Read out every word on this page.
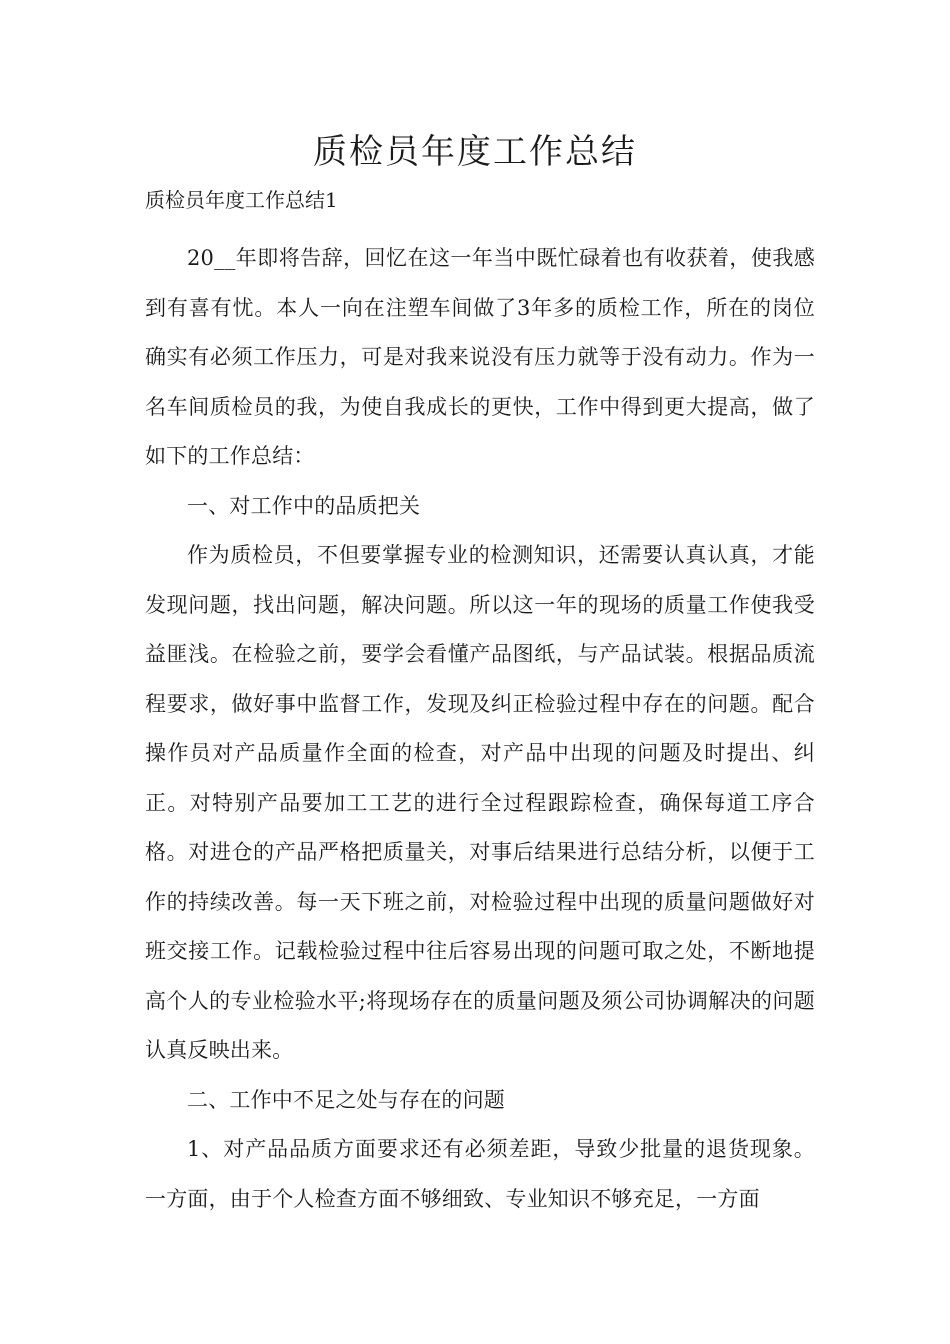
质检员年度工作总结

质检员年度工作总结1

20__年即将告辞，回忆在这一年当中既忙碌着也有收获着，使我感到有喜有忧。本人一向在注塑车间做了3年多的质检工作，所在的岗位确实有必须工作压力，可是对我来说没有压力就等于没有动力。作为一名车间质检员的我，为使自我成长的更快，工作中得到更大提高，做了如下的工作总结：

一、对工作中的品质把关

作为质检员，不但要掌握专业的检测知识，还需要认真认真，才能发现问题，找出问题，解决问题。所以这一年的现场的质量工作使我受益匪浅。在检验之前，要学会看懂产品图纸，与产品试装。根据品质流程要求，做好事中监督工作，发现及纠正检验过程中存在的问题。配合操作员对产品质量作全面的检查，对产品中出现的问题及时提出、纠正。对特别产品要加工工艺的进行全过程跟踪检查，确保每道工序合格。对进仓的产品严格把质量关，对事后结果进行总结分析，以便于工作的持续改善。每一天下班之前，对检验过程中出现的质量问题做好对班交接工作。记载检验过程中往后容易出现的问题可取之处，不断地提高个人的专业检验水平;将现场存在的质量问题及须公司协调解决的问题认真反映出来。

二、工作中不足之处与存在的问题

1、对产品品质方面要求还有必须差距，导致少批量的退货现象。一方面，由于个人检查方面不够细致、专业知识不够充足，一方面
